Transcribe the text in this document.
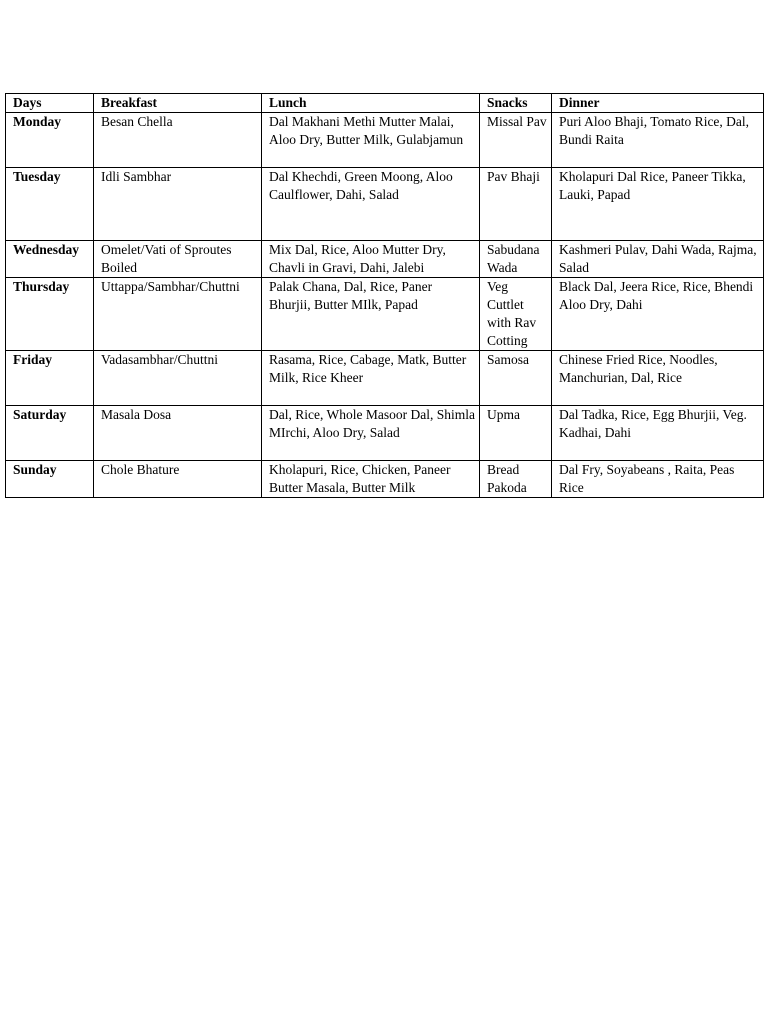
Days	Breakfast	Lunch	Snacks	Dinner
Monday	Besan Chella	Dal Makhani Methi Mutter Malai, Aloo Dry, Butter Milk, Gulabjamun	Missal Pav	Puri Aloo Bhaji, Tomato Rice, Dal, Bundi Raita
Tuesday	Idli Sambhar	Dal Khechdi, Green Moong, Aloo Caulflower, Dahi, Salad	Pav Bhaji	Kholapuri Dal Rice, Paneer Tikka, Lauki, Papad
Wednesday	Omelet/Vati of Sproutes Boiled	Mix Dal, Rice, Aloo Mutter Dry, Chavli in Gravi, Dahi, Jalebi	Sabudana Wada	Kashmeri Pulav, Dahi Wada, Rajma, Salad
Thursday	Uttappa/Sambhar/Chuttni	Palak Chana, Dal, Rice, Paner Bhurjii, Butter MIlk, Papad	Veg Cuttlet with Rav Cotting	Black Dal, Jeera Rice, Rice, Bhendi Aloo Dry, Dahi
Friday	Vadasambhar/Chuttni	Rasama, Rice, Cabage, Matk, Butter Milk, Rice Kheer	Samosa	Chinese Fried Rice, Noodles, Manchurian, Dal, Rice
Saturday	Masala Dosa	Dal, Rice, Whole Masoor Dal, Shimla MIrchi, Aloo Dry, Salad	Upma	Dal Tadka, Rice, Egg Bhurjii, Veg. Kadhai, Dahi
Sunday	Chole Bhature	Kholapuri, Rice, Chicken, Paneer Butter Masala, Butter Milk	Bread Pakoda	Dal Fry, Soyabeans , Raita, Peas Rice
